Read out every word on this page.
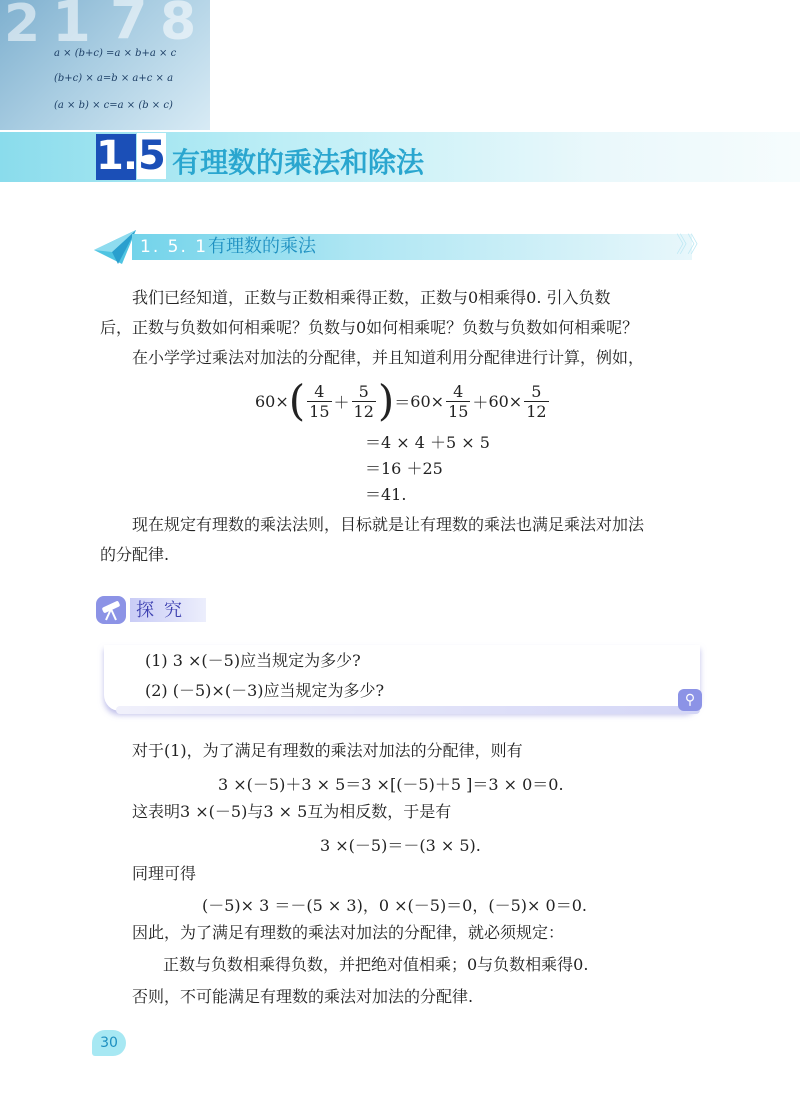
2 1 7 8
a × (b+c) =a × b+a × c
(b+c) × a=b × a+c × a
(a × b) × c=a × (b × c)
1.5 有理数的乘法和除法
1. 5. 1 有理数的乘法	》》
我们已经知道，正数与正数相乘得正数，正数与0相乘得0. 引入负数
后，正数与负数如何相乘呢？负数与0如何相乘呢？负数与负数如何相乘呢？
在小学学过乘法对加法的分配律，并且知道利用分配律进行计算，例如，
60 × ( $\frac{4}{15} + \frac{5}{12}$ ) ＝ $60 \times \frac{4}{15} + 60 \times \frac{5}{12}$
＝4 × 4 ＋5 × 5
＝16 ＋25
＝41.
现在规定有理数的乘法法则，目标就是让有理数的乘法也满足乘法对加法
的分配律.
探究
(1) 3 ×(－5)应当规定为多少?
(2) (－5)×(－3)应当规定为多少?	⚲
对于(1)，为了满足有理数的乘法对加法的分配律，则有
3 ×(－5)＋3 × 5＝3 ×[(－5)＋5 ]＝3 × 0＝0.
这表明3 ×(－5)与3 × 5互为相反数，于是有
3 ×(－5)＝－(3 × 5).
同理可得
(－5)× 3 ＝－(5 × 3)，0 ×(－5)＝0，(－5)× 0＝0.
因此，为了满足有理数的乘法对加法的分配律，就必须规定：
正数与负数相乘得负数，并把绝对值相乘；0与负数相乘得0.
否则，不可能满足有理数的乘法对加法的分配律.
30
